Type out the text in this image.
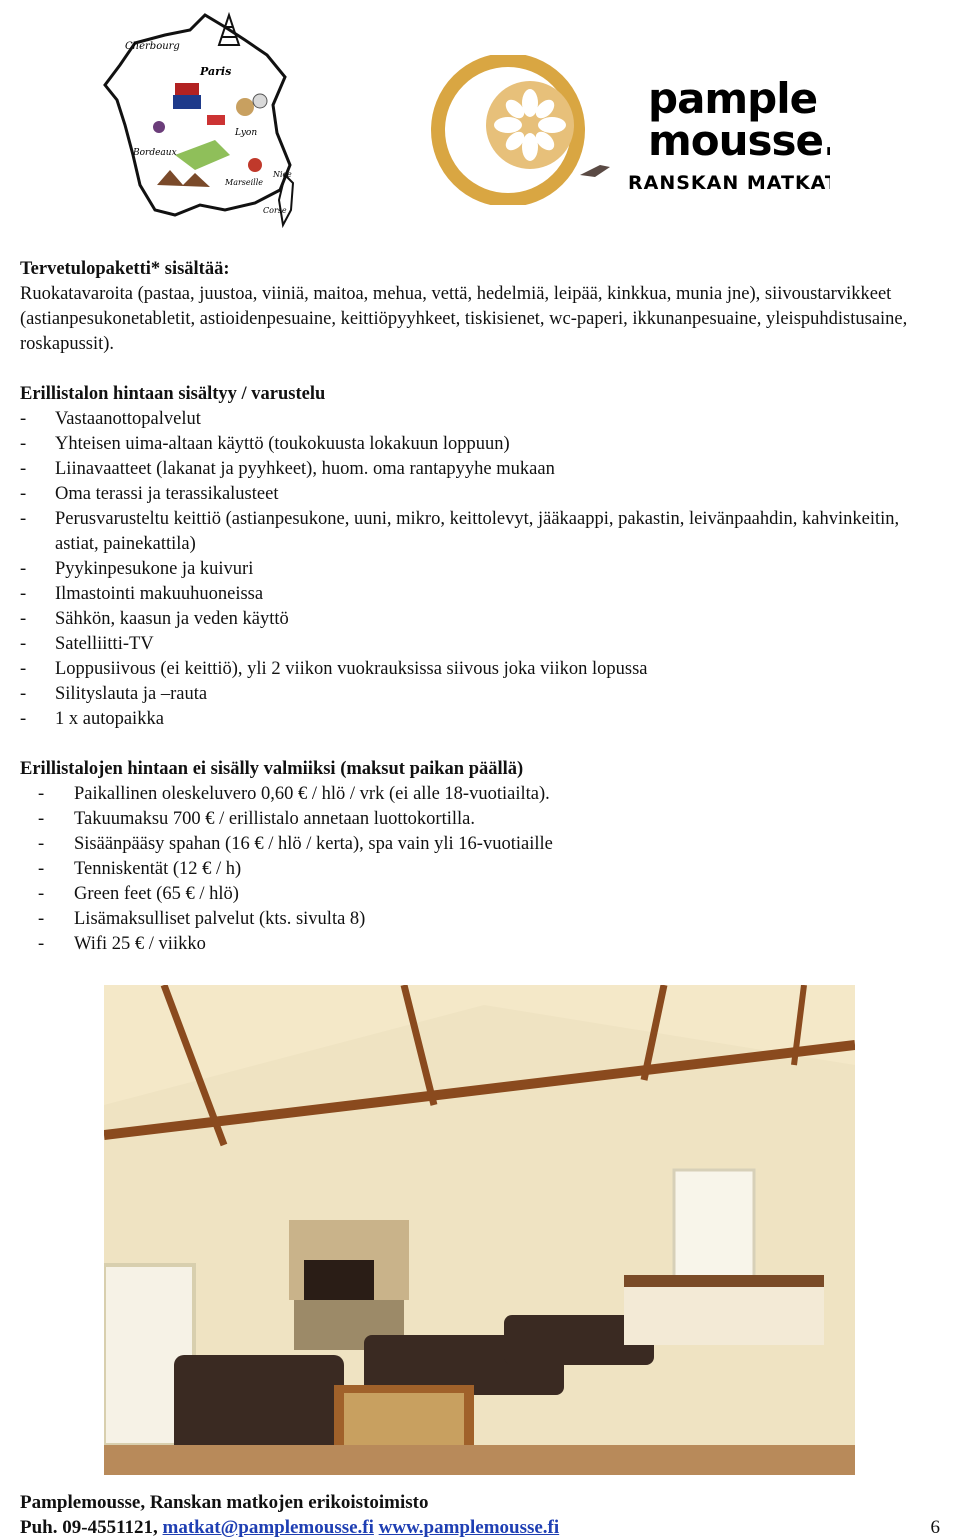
Cherbourg
Paris
Lyon
Bordeaux
Marseille
Nice
Corse
pample
mousse.
RANSKAN MATKAT

Tervetulopaketti* sisältää:

Ruokatavaroita (pastaa, juustoa, viiniä, maitoa, mehua, vettä, hedelmiä, leipää, kinkkua, munia jne), siivoustarvikkeet (astianpesukonetabletit, astioidenpesuaine, keittiöpyyhkeet, tiskisienet, wc-paperi, ikkunanpesuaine, yleispuhdistusaine, roskapussit).

Erillistalon hintaan sisältyy / varustelu

- Vastaanottopalvelut
- Yhteisen uima-altaan käyttö (toukokuusta lokakuun loppuun)
- Liinavaatteet (lakanat ja pyyhkeet), huom. oma rantapyyhe mukaan
- Oma terassi ja terassikalusteet
- Perusvarusteltu keittiö (astianpesukone, uuni, mikro, keittolevyt, jääkaappi, pakastin, leivänpaahdin, kahvinkeitin, astiat, painekattila)
- Pyykinpesukone ja kuivuri
- Ilmastointi makuuhuoneissa
- Sähkön, kaasun ja veden käyttö
- Satelliitti-TV
- Loppusiivous (ei keittiö), yli 2 viikon vuokrauksissa siivous joka viikon lopussa
- Silityslauta ja –rauta
- 1 x autopaikka

Erillistalojen hintaan ei sisälly valmiiksi (maksut paikan päällä)

- Paikallinen oleskeluvero 0,60 € / hlö / vrk (ei alle 18-vuotiailta).
- Takuumaksu 700 € / erillistalo annetaan luottokortilla.
- Sisäänpääsy spahan (16 € / hlö / kerta), spa vain yli 16-vuotiaille
- Tenniskentät (12 € / h)
- Green feet (65 € / hlö)
- Lisämaksulliset palvelut (kts. sivulta 8)
- Wifi 25 € / viikko
Pamplemousse, Ranskan matkojen erikoistoimisto
Puh. 09-4551121, matkat@pamplemousse.fi www.pamplemousse.fi	6
